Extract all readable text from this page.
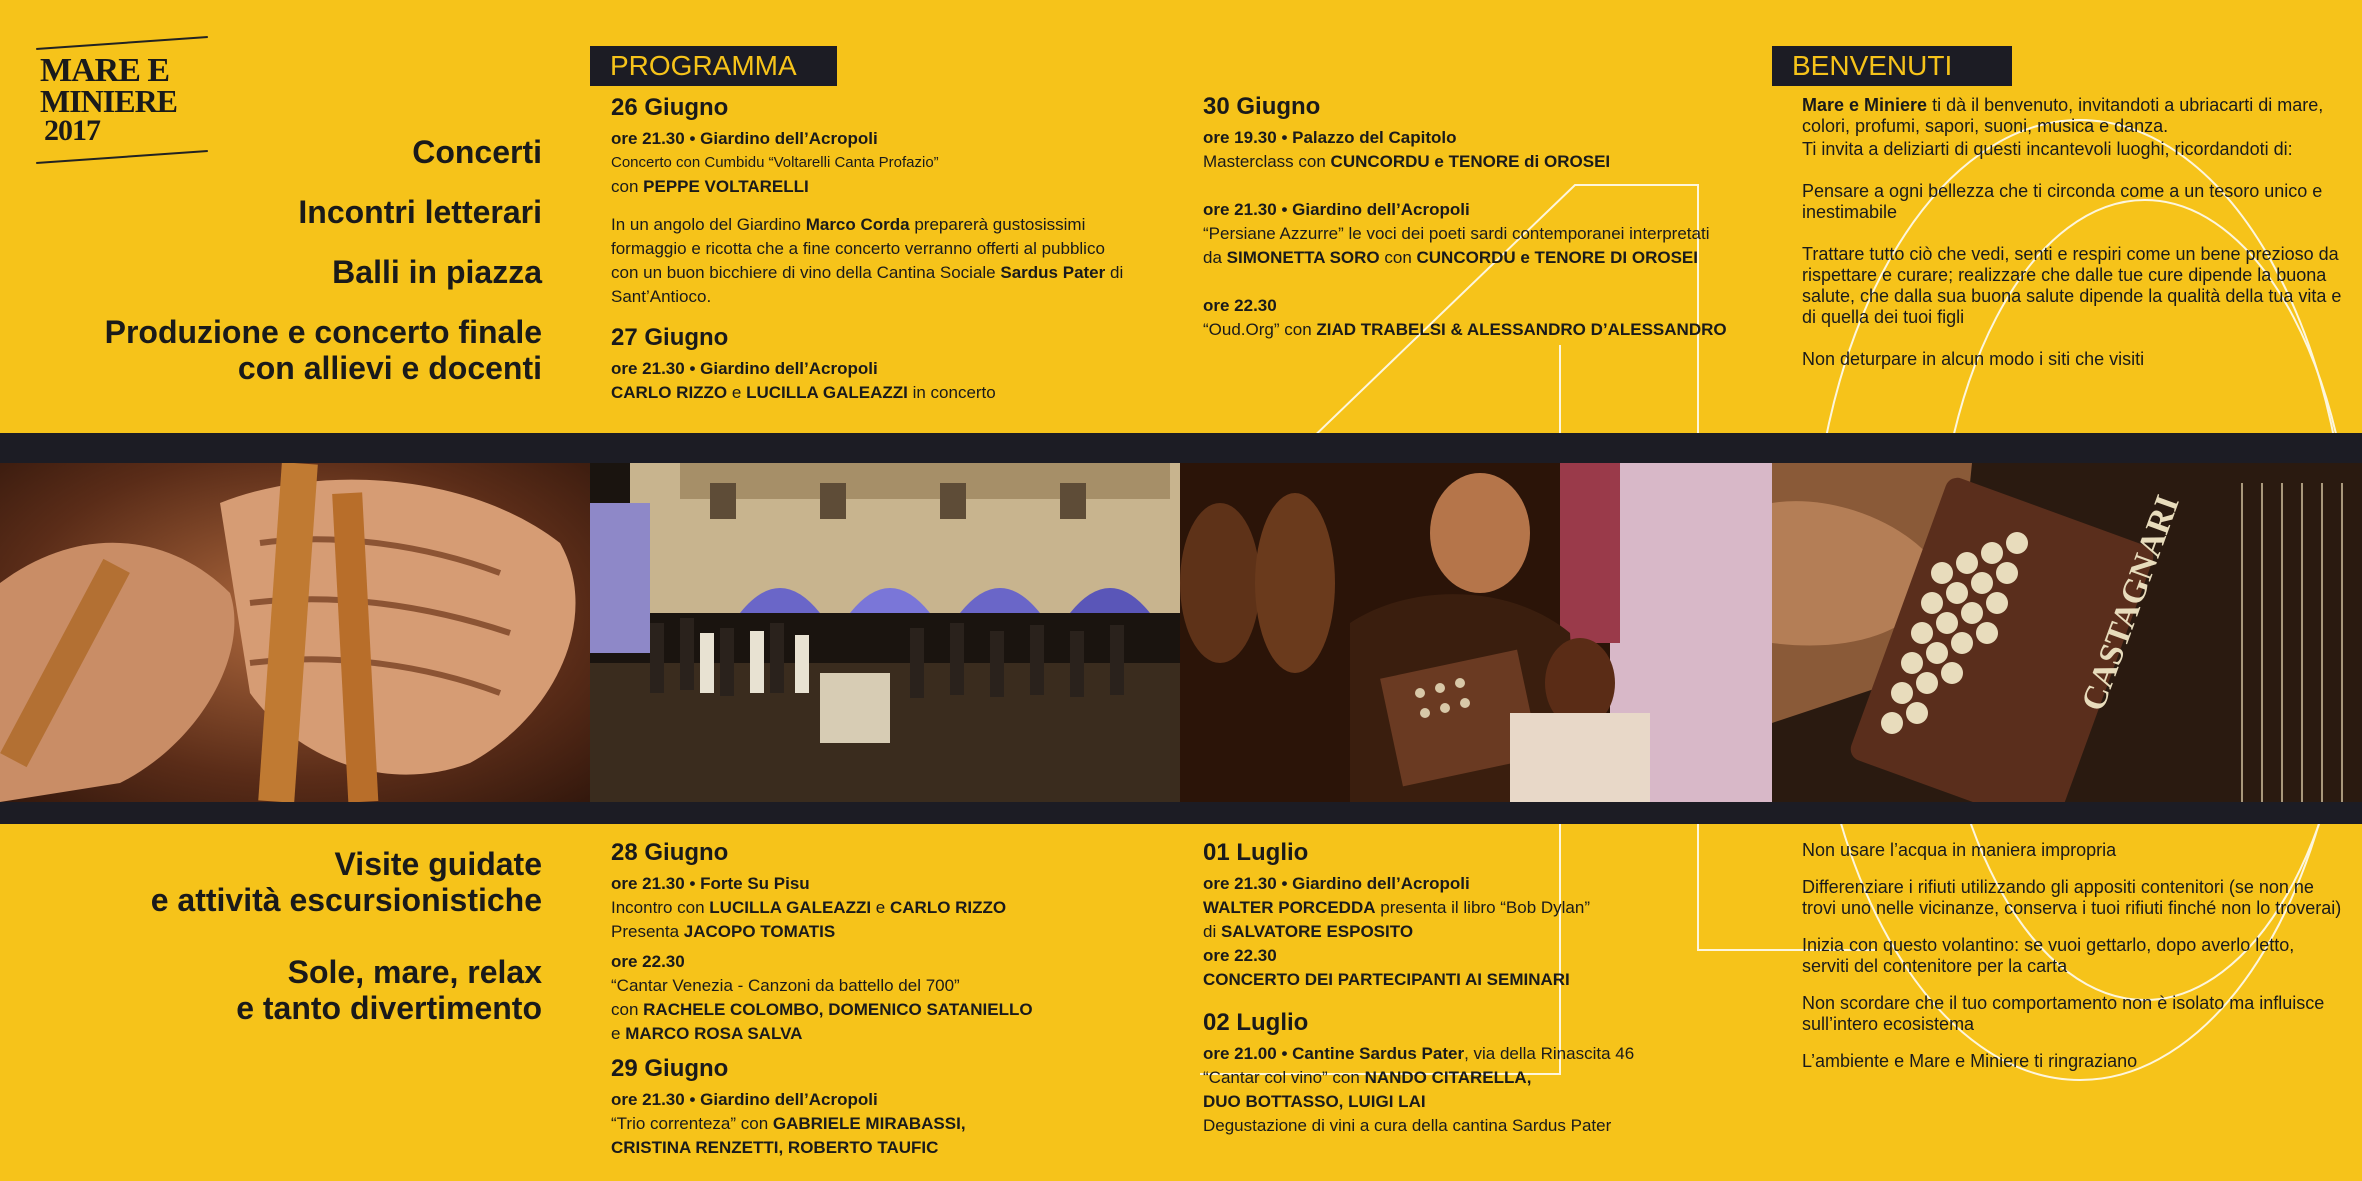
MARE E
MINIERE
2017
Concerti
Incontri letterari
Balli in piazza
Produzione e concerto finale
con allievi e docenti
Visite guidate
e attività escursionistiche
Sole, mare, relax
e tanto divertimento
PROGRAMMA	BENVENUTI
26 Giugno

ore 21.30 • Giardino dell’Acropoli

Concerto con Cumbidu “Voltarelli Canta Profazio”

con PEPPE VOLTARELLI

In un angolo del Giardino Marco Corda preparerà gustosissimi formaggio e ricotta che a fine concerto verranno offerti al pubblico con un buon bicchiere di vino della Cantina Sociale Sardus Pater di Sant’Antioco.

27 Giugno

ore 21.30 • Giardino dell’Acropoli

CARLO RIZZO e LUCILLA GALEAZZI in concerto

30 Giugno

ore 19.30 • Palazzo del Capitolo

Masterclass con CUNCORDU e TENORE di OROSEI

ore 21.30 • Giardino dell’Acropoli

“Persiane Azzurre” le voci dei poeti sardi contemporanei interpretati

da SIMONETTA SORO con CUNCORDU e TENORE DI OROSEI

ore 22.30

“Oud.Org” con ZIAD TRABELSI & ALESSANDRO D’ALESSANDRO

Mare e Miniere ti dà il benvenuto, invitandoti a ubriacarti di mare, colori, profumi, sapori, suoni, musica e danza.

Ti invita a deliziarti di questi incantevoli luoghi, ricordandoti di:

Pensare a ogni bellezza che ti circonda come a un tesoro unico e inestimabile

Trattare tutto ciò che vedi, senti e respiri come un bene prezioso da rispettare e curare; realizzare che dalle tue cure dipende la buona salute, che dalla sua buona salute dipende la qualità della tua vita e di quella dei tuoi figli

Non deturpare in alcun modo i siti che visiti

CASTAGNARI
28 Giugno

ore 21.30 • Forte Su Pisu

Incontro con LUCILLA GALEAZZI e CARLO RIZZO

Presenta JACOPO TOMATIS

ore 22.30

“Cantar Venezia - Canzoni da battello del 700”

con RACHELE COLOMBO, DOMENICO SATANIELLO

e MARCO ROSA SALVA

29 Giugno

ore 21.30 • Giardino dell’Acropoli

“Trio correnteza” con GABRIELE MIRABASSI,

CRISTINA RENZETTI, ROBERTO TAUFIC

01 Luglio

ore 21.30 • Giardino dell’Acropoli

WALTER PORCEDDA presenta il libro “Bob Dylan”

di SALVATORE ESPOSITO

ore 22.30

CONCERTO DEI PARTECIPANTI AI SEMINARI

02 Luglio

ore 21.00 • Cantine Sardus Pater, via della Rinascita 46

“Cantar col vino” con NANDO CITARELLA,

DUO BOTTASSO, LUIGI LAI

Degustazione di vini a cura della cantina Sardus Pater

Non usare l’acqua in maniera impropria

Differenziare i rifiuti utilizzando gli appositi contenitori (se non ne trovi uno nelle vicinanze, conserva i tuoi rifiuti finché non lo troverai)

Inizia con questo volantino: se vuoi gettarlo, dopo averlo letto, serviti del contenitore per la carta

Non scordare che il tuo comportamento non è isolato ma influisce sull’intero ecosistema

L’ambiente e Mare e Miniere ti ringraziano
